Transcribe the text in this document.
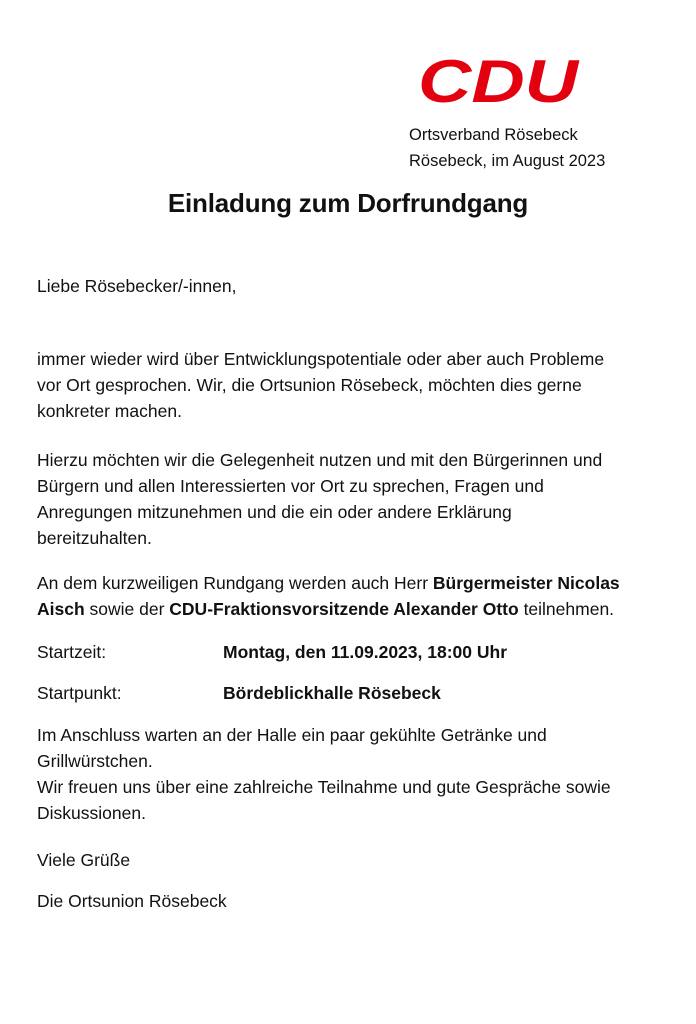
CDU
Ortsverband Rösebeck
Rösebeck, im August 2023
Einladung zum Dorfrundgang

Liebe Rösebecker/-innen,

immer wieder wird über Entwicklungspotentiale oder aber auch Probleme
vor Ort gesprochen. Wir, die Ortsunion Rösebeck, möchten dies gerne
konkreter machen.
Hierzu möchten wir die Gelegenheit nutzen und mit den Bürgerinnen und
Bürgern und allen Interessierten vor Ort zu sprechen, Fragen und
Anregungen mitzunehmen und die ein oder andere Erklärung
bereitzuhalten.
An dem kurzweiligen Rundgang werden auch Herr Bürgermeister Nicolas
Aisch sowie der CDU-Fraktionsvorsitzende Alexander Otto teilnehmen.
Startzeit:	Montag, den 11.09.2023, 18:00 Uhr
Startpunkt:	Bördeblickhalle Rösebeck
Im Anschluss warten an der Halle ein paar gekühlte Getränke und
Grillwürstchen.
Wir freuen uns über eine zahlreiche Teilnahme und gute Gespräche sowie
Diskussionen.

Viele Grüße

Die Ortsunion Rösebeck
